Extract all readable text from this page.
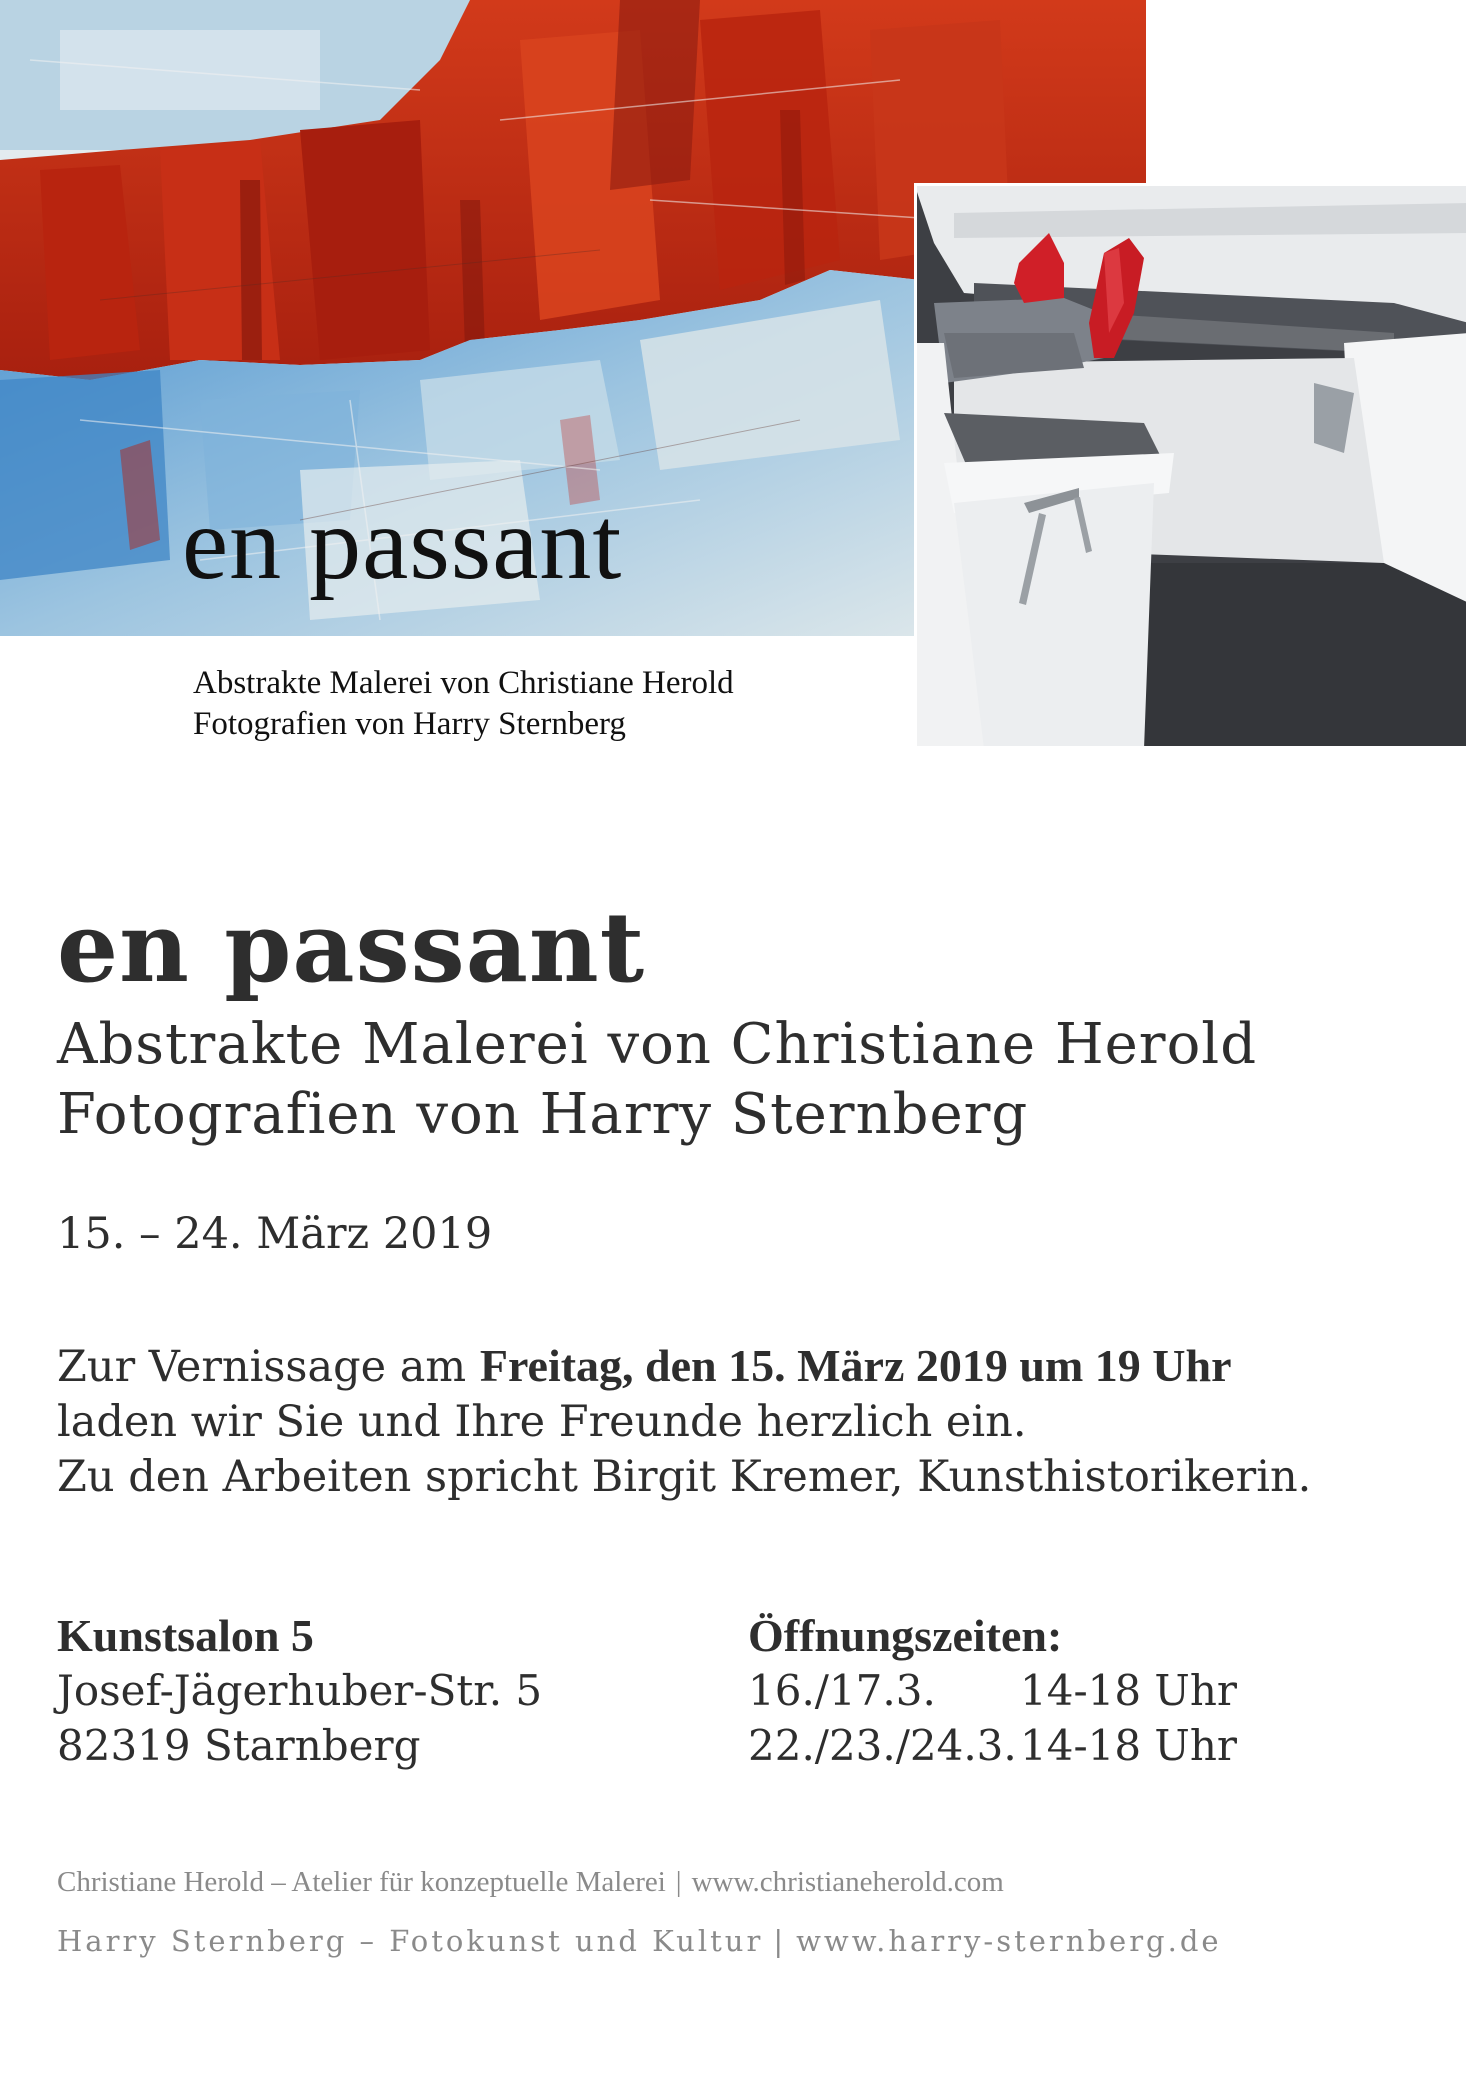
en passant
Abstrakte Malerei von Christiane Herold
Fotografien von Harry Sternberg
en passant
Abstrakte Malerei von Christiane Herold
Fotografien von Harry Sternberg
15. – 24. März 2019
Zur Vernissage am Freitag, den 15. März 2019 um 19 Uhr
laden wir Sie und Ihre Freunde herzlich ein.
Zu den Arbeiten spricht Birgit Kremer, Kunsthistorikerin.
Kunstsalon 5
Josef-Jägerhuber-Str. 5
82319 Starnberg
Öffnungszeiten:
16./17.3. 14-18 Uhr
22./23./24.3.14-18 Uhr
Christiane Herold – Atelier für konzeptuelle Malerei | www.christianeherold.com
Harry Sternberg – Fotokunst und Kultur | www.harry-sternberg.de
